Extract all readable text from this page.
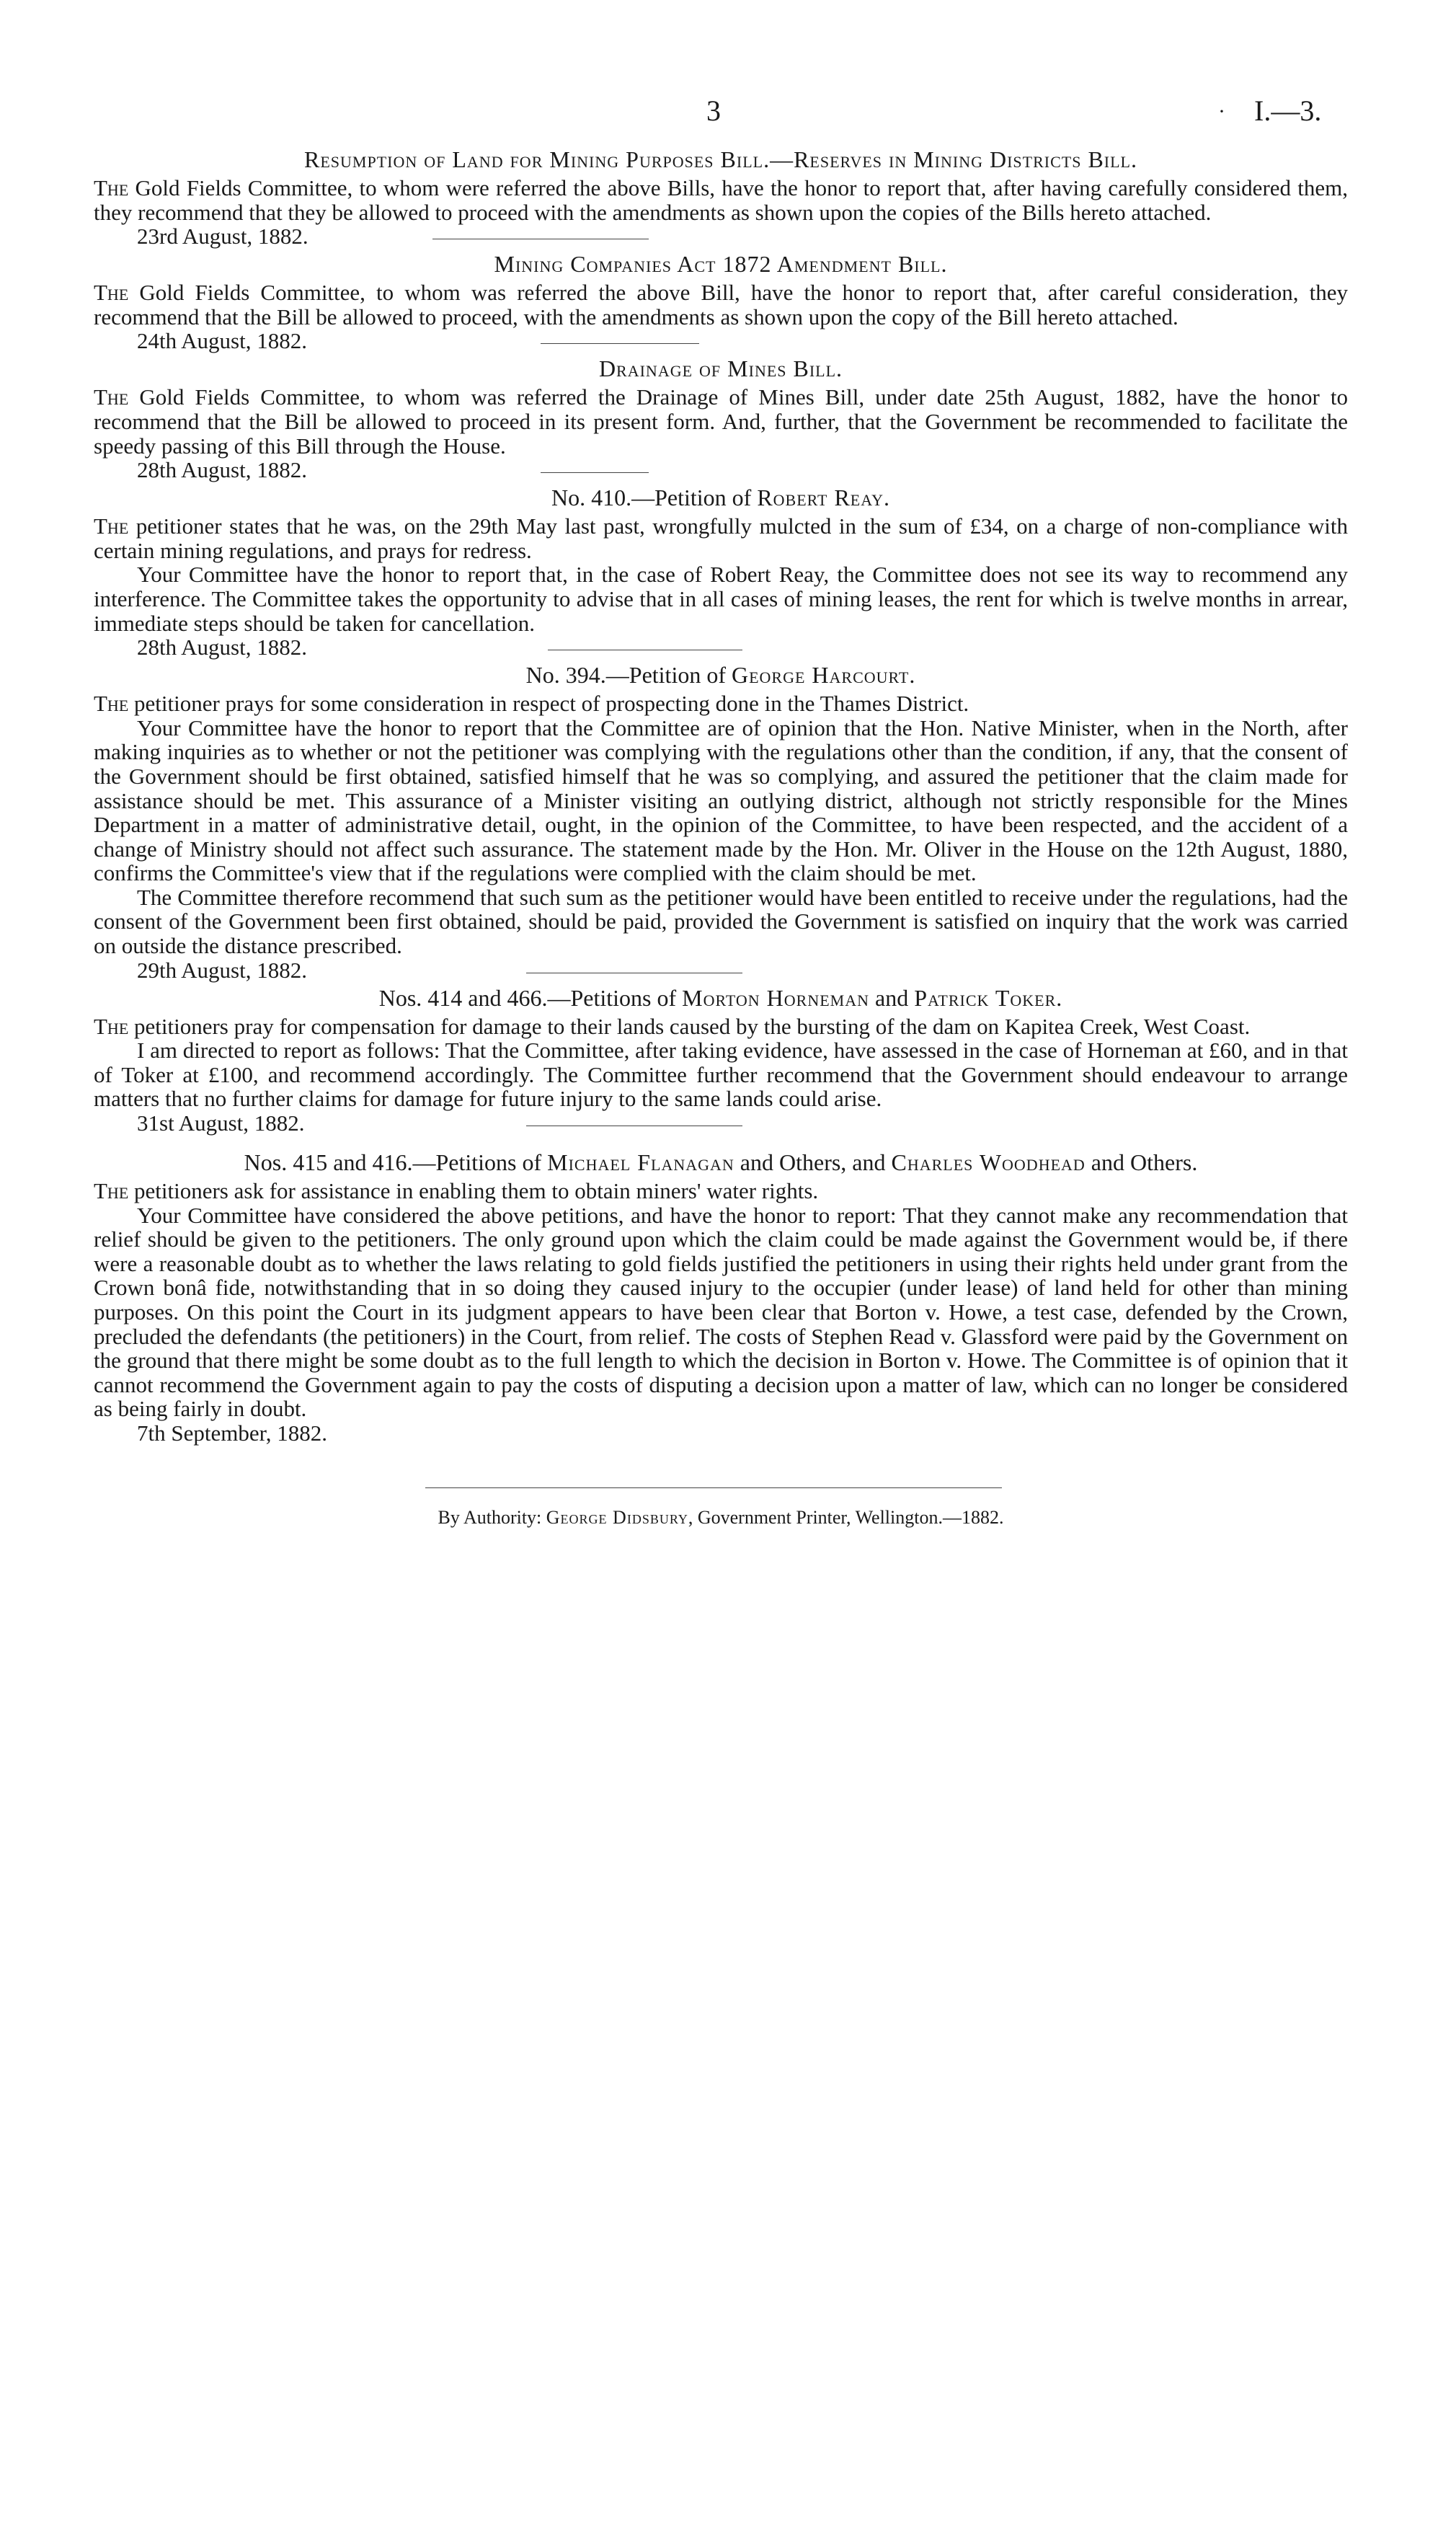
3	· I.—3.
Resumption of Land for Mining Purposes Bill.—Reserves in Mining Districts Bill.

The Gold Fields Committee, to whom were referred the above Bills, have the honor to report that, after having carefully considered them, they recommend that they be allowed to proceed with the amendments as shown upon the copies of the Bills hereto attached.

23rd August, 1882.
Mining Companies Act 1872 Amendment Bill.

The Gold Fields Committee, to whom was referred the above Bill, have the honor to report that, after careful consideration, they recommend that the Bill be allowed to proceed, with the amendments as shown upon the copy of the Bill hereto attached.

24th August, 1882.
Drainage of Mines Bill.

The Gold Fields Committee, to whom was referred the Drainage of Mines Bill, under date 25th August, 1882, have the honor to recommend that the Bill be allowed to proceed in its present form. And, further, that the Government be recommended to facilitate the speedy passing of this Bill through the House.

28th August, 1882.
No. 410.—Petition of Robert Reay.

The petitioner states that he was, on the 29th May last past, wrongfully mulcted in the sum of £34, on a charge of non-compliance with certain mining regulations, and prays for redress.

Your Committee have the honor to report that, in the case of Robert Reay, the Committee does not see its way to recommend any interference. The Committee takes the opportunity to advise that in all cases of mining leases, the rent for which is twelve months in arrear, immediate steps should be taken for cancellation.

28th August, 1882.
No. 394.—Petition of George Harcourt.

The petitioner prays for some consideration in respect of prospecting done in the Thames District.

Your Committee have the honor to report that the Committee are of opinion that the Hon. Native Minister, when in the North, after making inquiries as to whether or not the petitioner was complying with the regulations other than the condition, if any, that the consent of the Government should be first obtained, satisfied himself that he was so complying, and assured the petitioner that the claim made for assistance should be met. This assurance of a Minister visiting an outlying district, although not strictly responsible for the Mines Department in a matter of administrative detail, ought, in the opinion of the Committee, to have been respected, and the accident of a change of Ministry should not affect such assurance. The statement made by the Hon. Mr. Oliver in the House on the 12th August, 1880, confirms the Committee's view that if the regulations were complied with the claim should be met.

The Committee therefore recommend that such sum as the petitioner would have been entitled to receive under the regulations, had the consent of the Government been first obtained, should be paid, provided the Government is satisfied on inquiry that the work was carried on outside the distance prescribed.

29th August, 1882.
Nos. 414 and 466.—Petitions of Morton Horneman and Patrick Toker.

The petitioners pray for compensation for damage to their lands caused by the bursting of the dam on Kapitea Creek, West Coast.

I am directed to report as follows: That the Committee, after taking evidence, have assessed in the case of Horneman at £60, and in that of Toker at £100, and recommend accordingly. The Committee further recommend that the Government should endeavour to arrange matters that no further claims for damage for future injury to the same lands could arise.

31st August, 1882.
Nos. 415 and 416.—Petitions of Michael Flanagan and Others, and Charles Woodhead and Others.

The petitioners ask for assistance in enabling them to obtain miners' water rights.

Your Committee have considered the above petitions, and have the honor to report: That they cannot make any recommendation that relief should be given to the petitioners. The only ground upon which the claim could be made against the Government would be, if there were a reasonable doubt as to whether the laws relating to gold fields justified the petitioners in using their rights held under grant from the Crown bonâ fide, notwithstanding that in so doing they caused injury to the occupier (under lease) of land held for other than mining purposes. On this point the Court in its judgment appears to have been clear that Borton v. Howe, a test case, defended by the Crown, precluded the defendants (the petitioners) in the Court, from relief. The costs of Stephen Read v. Glassford were paid by the Government on the ground that there might be some doubt as to the full length to which the decision in Borton v. Howe. The Committee is of opinion that it cannot recommend the Government again to pay the costs of disputing a decision upon a matter of law, which can no longer be considered as being fairly in doubt.

7th September, 1882.
By Authority: George Didsbury, Government Printer, Wellington.—1882.
